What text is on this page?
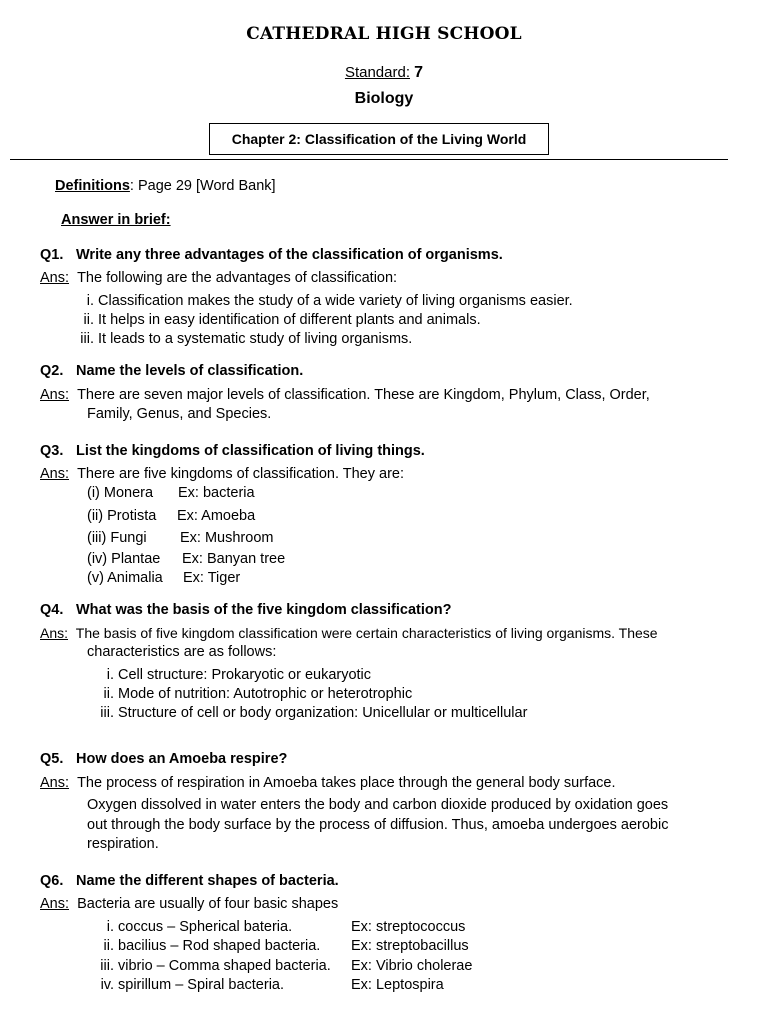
CATHEDRAL HIGH SCHOOL
Standard: 7
Biology
Chapter 2: Classification of the Living World
Definitions: Page 29 [Word Bank]
Answer in brief:
Q1. Write any three advantages of the classification of organisms.
Ans: The following are the advantages of classification:
i. Classification makes the study of a wide variety of living organisms easier.
ii. It helps in easy identification of different plants and animals.
iii. It leads to a systematic study of living organisms.
Q2. Name the levels of classification.
Ans: There are seven major levels of classification. These are Kingdom, Phylum, Class, Order,
Family, Genus, and Species.
Q3. List the kingdoms of classification of living things.
Ans: There are five kingdoms of classification. They are:
(i) Monera Ex: bacteria
(ii) Protista Ex: Amoeba
(iii) Fungi Ex: Mushroom
(iv) Plantae Ex: Banyan tree
(v) Animalia Ex: Tiger
Q4. What was the basis of the five kingdom classification?
Ans: The basis of five kingdom classification were certain characteristics of living organisms. These
characteristics are as follows:
i. Cell structure: Prokaryotic or eukaryotic
ii. Mode of nutrition: Autotrophic or heterotrophic
iii. Structure of cell or body organization: Unicellular or multicellular
Q5. How does an Amoeba respire?
Ans: The process of respiration in Amoeba takes place through the general body surface.
Oxygen dissolved in water enters the body and carbon dioxide produced by oxidation goes
out through the body surface by the process of diffusion. Thus, amoeba undergoes aerobic
respiration.
Q6. Name the different shapes of bacteria.
Ans: Bacteria are usually of four basic shapes
i. coccus – Spherical bateria.	Ex: streptococcus
ii. bacilius – Rod shaped bacteria. Ex: streptobacillus
iii. vibrio – Comma shaped bacteria. Ex: Vibrio cholerae
iv. spirillum – Spiral bacteria.	Ex: Leptospira
